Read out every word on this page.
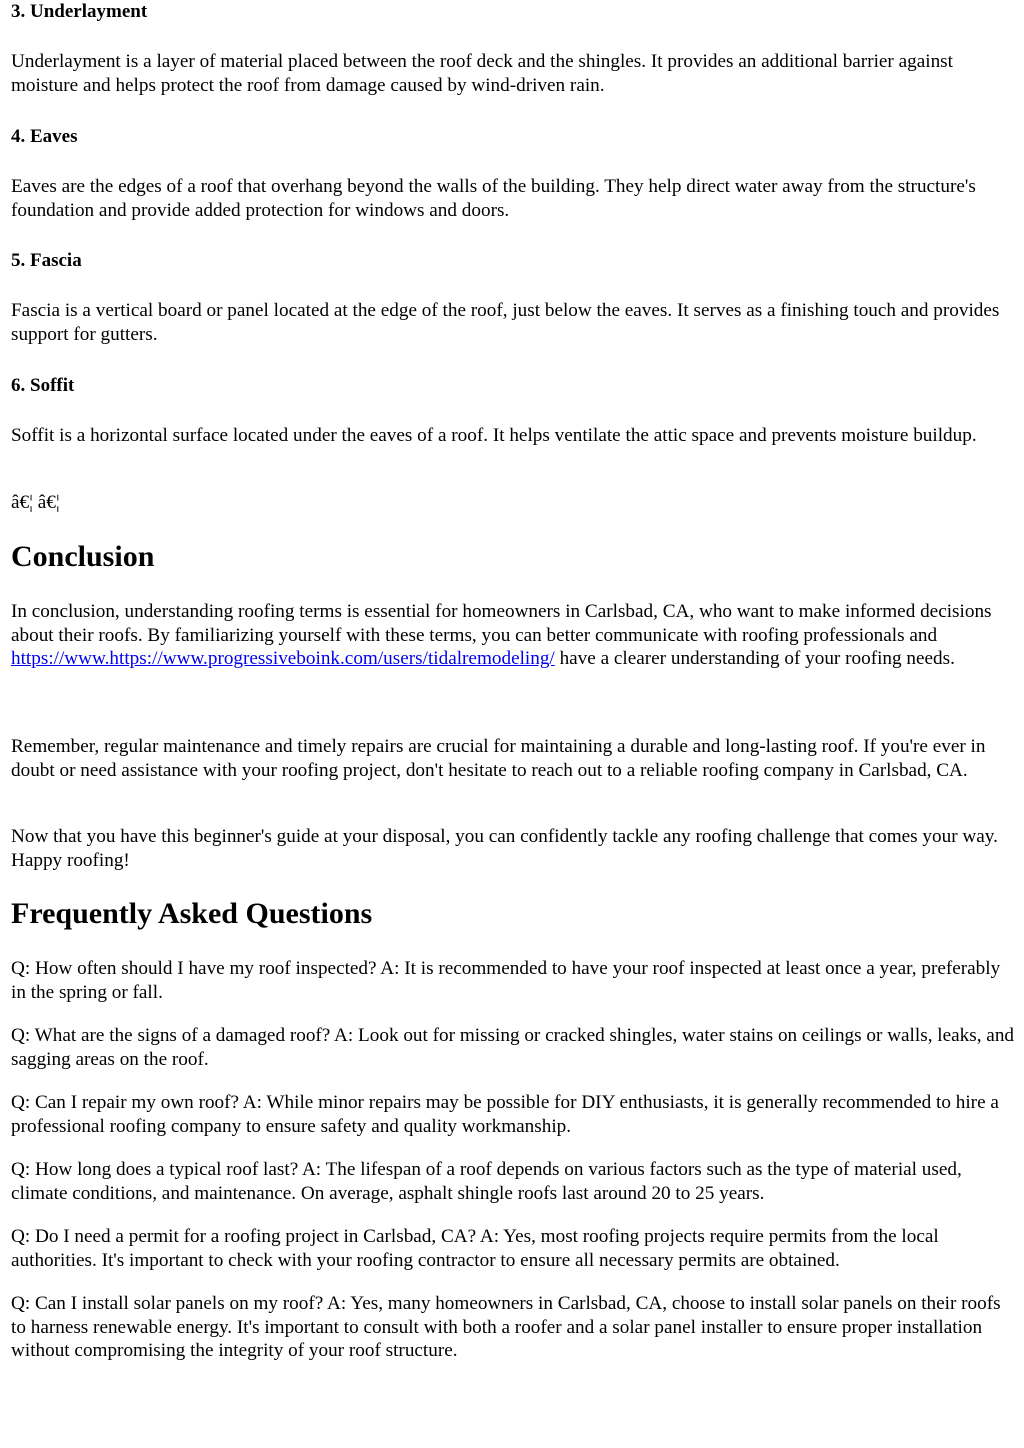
3. Underlayment

Underlayment is a layer of material placed between the roof deck and the shingles. It provides an additional barrier against moisture and helps protect the roof from damage caused by wind-driven rain.

4. Eaves

Eaves are the edges of a roof that overhang beyond the walls of the building. They help direct water away from the structure's foundation and provide added protection for windows and doors.

5. Fascia

Fascia is a vertical board or panel located at the edge of the roof, just below the eaves. It serves as a finishing touch and provides support for gutters.

6. Soffit

Soffit is a horizontal surface located under the eaves of a roof. It helps ventilate the attic space and prevents moisture buildup.

â€¦ â€¦

Conclusion

In conclusion, understanding roofing terms is essential for homeowners in Carlsbad, CA, who want to make informed decisions about their roofs. By familiarizing yourself with these terms, you can better communicate with roofing professionals and https://www.https://www.progressiveboink.com/users/tidalremodeling/ have a clearer understanding of your roofing needs.

Remember, regular maintenance and timely repairs are crucial for maintaining a durable and long-lasting roof. If you're ever in doubt or need assistance with your roofing project, don't hesitate to reach out to a reliable roofing company in Carlsbad, CA.

Now that you have this beginner's guide at your disposal, you can confidently tackle any roofing challenge that comes your way. Happy roofing!

Frequently Asked Questions

Q: How often should I have my roof inspected? A: It is recommended to have your roof inspected at least once a year, preferably in the spring or fall.

Q: What are the signs of a damaged roof? A: Look out for missing or cracked shingles, water stains on ceilings or walls, leaks, and sagging areas on the roof.

Q: Can I repair my own roof? A: While minor repairs may be possible for DIY enthusiasts, it is generally recommended to hire a professional roofing company to ensure safety and quality workmanship.

Q: How long does a typical roof last? A: The lifespan of a roof depends on various factors such as the type of material used, climate conditions, and maintenance. On average, asphalt shingle roofs last around 20 to 25 years.

Q: Do I need a permit for a roofing project in Carlsbad, CA? A: Yes, most roofing projects require permits from the local authorities. It's important to check with your roofing contractor to ensure all necessary permits are obtained.

Q: Can I install solar panels on my roof? A: Yes, many homeowners in Carlsbad, CA, choose to install solar panels on their roofs to harness renewable energy. It's important to consult with both a roofer and a solar panel installer to ensure proper installation without compromising the integrity of your roof structure.
